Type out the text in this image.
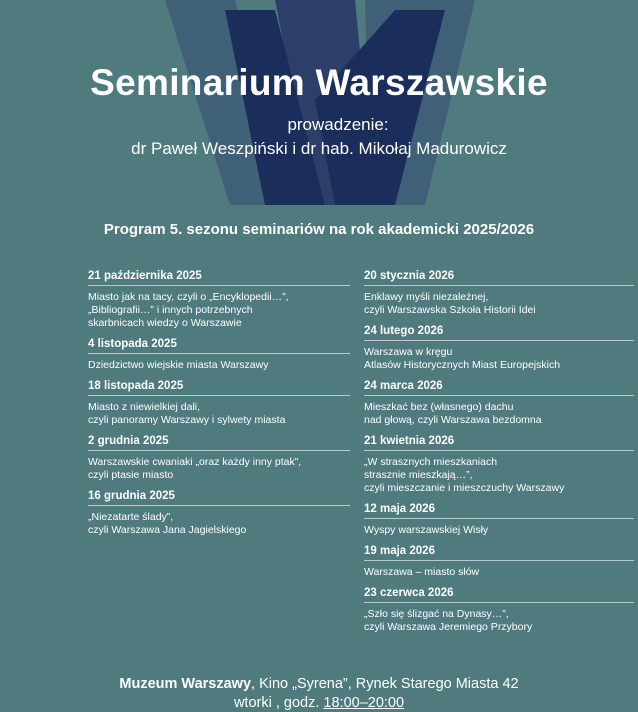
Seminarium Warszawskie
prowadzenie:
dr Paweł Weszpiński i dr hab. Mikołaj Madurowicz
Program 5. sezonu seminariów na rok akademicki 2025/2026
21 października 2025
Miasto jak na tacy, czyli o „Encyklopedii…”,
„Bibliografii…” i innych potrzebnych
skarbnicach wiedzy o Warszawie
4 listopada 2025
Dziedzictwo wiejskie miasta Warszawy
18 listopada 2025
Miasto z niewielkiej dali,
czyli panoramy Warszawy i sylwety miasta
2 grudnia 2025
Warszawskie cwaniaki „oraz każdy inny ptak”,
czyli ptasie miasto
16 grudnia 2025
„Niezatarte ślady”,
czyli Warszawa Jana Jagielskiego
20 stycznia 2026
Enklawy myśli niezależnej,
czyli Warszawska Szkoła Historii Idei
24 lutego 2026
Warszawa w kręgu
Atlasów Historycznych Miast Europejskich
24 marca 2026
Mieszkać bez (własnego) dachu
nad głową, czyli Warszawa bezdomna
21 kwietnia 2026
„W strasznych mieszkaniach
strasznie mieszkają…”,
czyli mieszczanie i mieszczuchy Warszawy
12 maja 2026
Wyspy warszawskiej Wisły
19 maja 2026
Warszawa – miasto słów
23 czerwca 2026
„Szło się ślizgać na Dynasy…”,
czyli Warszawa Jeremiego Przybory
Muzeum Warszawy, Kino „Syrena”, Rynek Starego Miasta 42
wtorki , godz. 18:00–20:00
